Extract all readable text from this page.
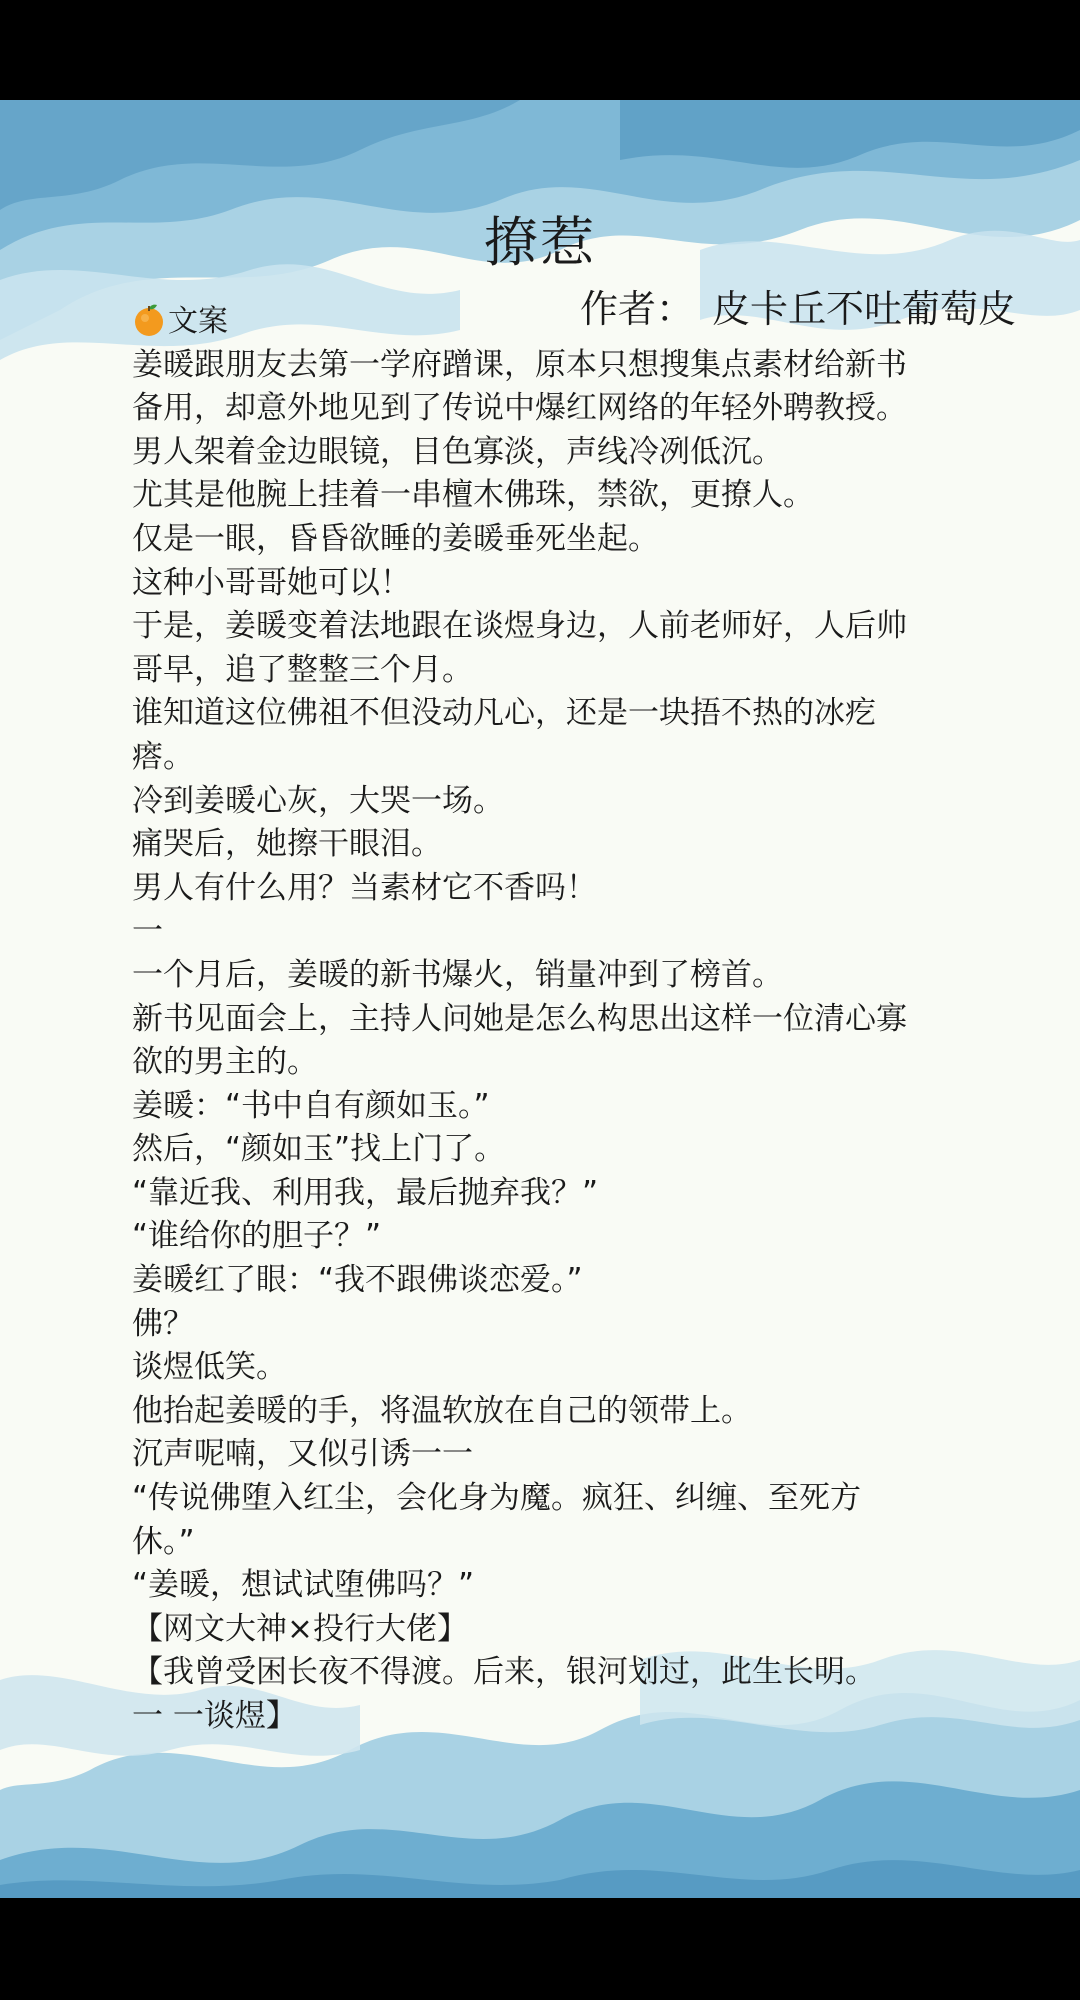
撩惹
作者： 皮卡丘不吐葡萄皮
文案
姜暖跟朋友去第一学府蹭课，原本只想搜集点素材给新书
备用，却意外地见到了传说中爆红网络的年轻外聘教授。
男人架着金边眼镜，目色寡淡，声线冷冽低沉。
尤其是他腕上挂着一串檀木佛珠，禁欲，更撩人。
仅是一眼，昏昏欲睡的姜暖垂死坐起。
这种小哥哥她可以！
于是，姜暖变着法地跟在谈煜身边，人前老师好，人后帅
哥早，追了整整三个月。
谁知道这位佛祖不但没动凡心，还是一块捂不热的冰疙
瘩。
冷到姜暖心灰，大哭一场。
痛哭后，她擦干眼泪。
男人有什么用？当素材它不香吗！
一
一个月后，姜暖的新书爆火，销量冲到了榜首。
新书见面会上，主持人问她是怎么构思出这样一位清心寡
欲的男主的。
姜暖：“书中自有颜如玉。”
然后，“颜如玉”找上门了。
“靠近我、利用我，最后抛弃我？”
“谁给你的胆子？”
姜暖红了眼：“我不跟佛谈恋爱。”
佛？
谈煜低笑。
他抬起姜暖的手，将温软放在自己的领带上。
沉声呢喃，又似引诱一一
“传说佛堕入红尘，会化身为魔。疯狂、纠缠、至死方
休。”
“姜暖，想试试堕佛吗？”
【网文大神×投行大佬】
【我曾受困长夜不得渡。后来，银河划过，此生长明。
一 一谈煜】
